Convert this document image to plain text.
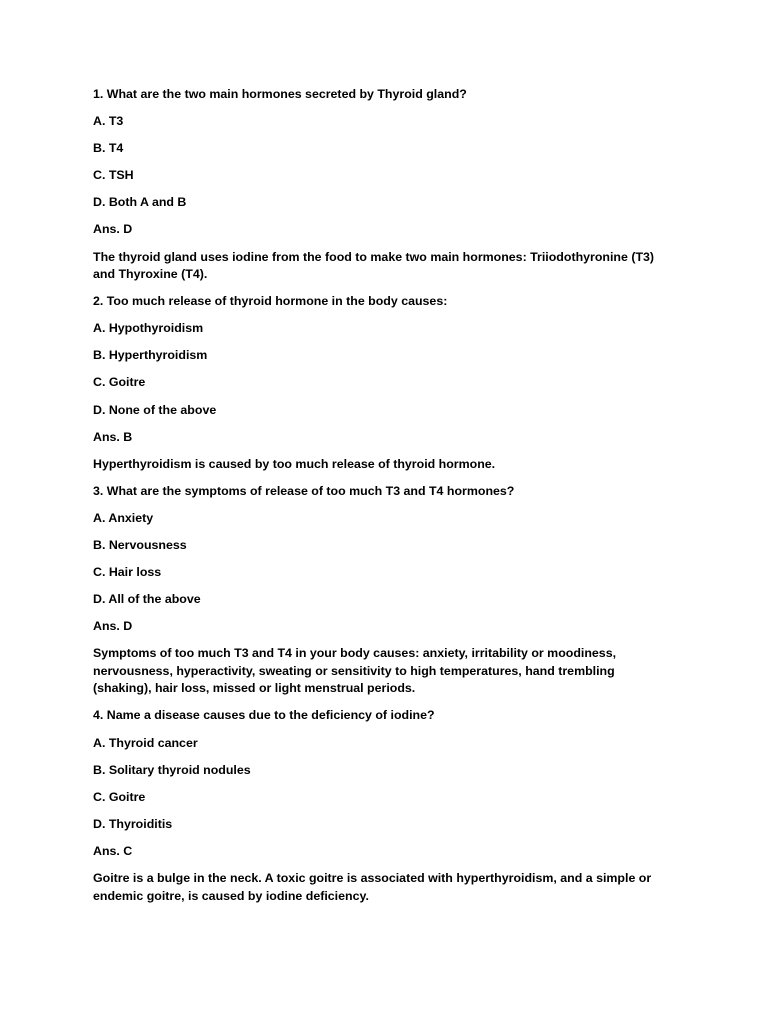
1. What are the two main hormones secreted by Thyroid gland?

A. T3

B. T4

C. TSH

D. Both A and B

Ans. D

The thyroid gland uses iodine from the food to make two main hormones: Triiodothyronine (T3) and Thyroxine (T4).

2. Too much release of thyroid hormone in the body causes:

A. Hypothyroidism

B. Hyperthyroidism

C. Goitre

D. None of the above

Ans. B

Hyperthyroidism is caused by too much release of thyroid hormone.

3. What are the symptoms of release of too much T3 and T4 hormones?

A. Anxiety

B. Nervousness

C. Hair loss

D. All of the above

Ans. D

Symptoms of too much T3 and T4 in your body causes: anxiety, irritability or moodiness, nervousness, hyperactivity, sweating or sensitivity to high temperatures, hand trembling (shaking), hair loss, missed or light menstrual periods.

4. Name a disease causes due to the deficiency of iodine?

A. Thyroid cancer

B. Solitary thyroid nodules

C. Goitre

D. Thyroiditis

Ans. C

Goitre is a bulge in the neck. A toxic goitre is associated with hyperthyroidism, and a simple or endemic goitre, is caused by iodine deficiency.
